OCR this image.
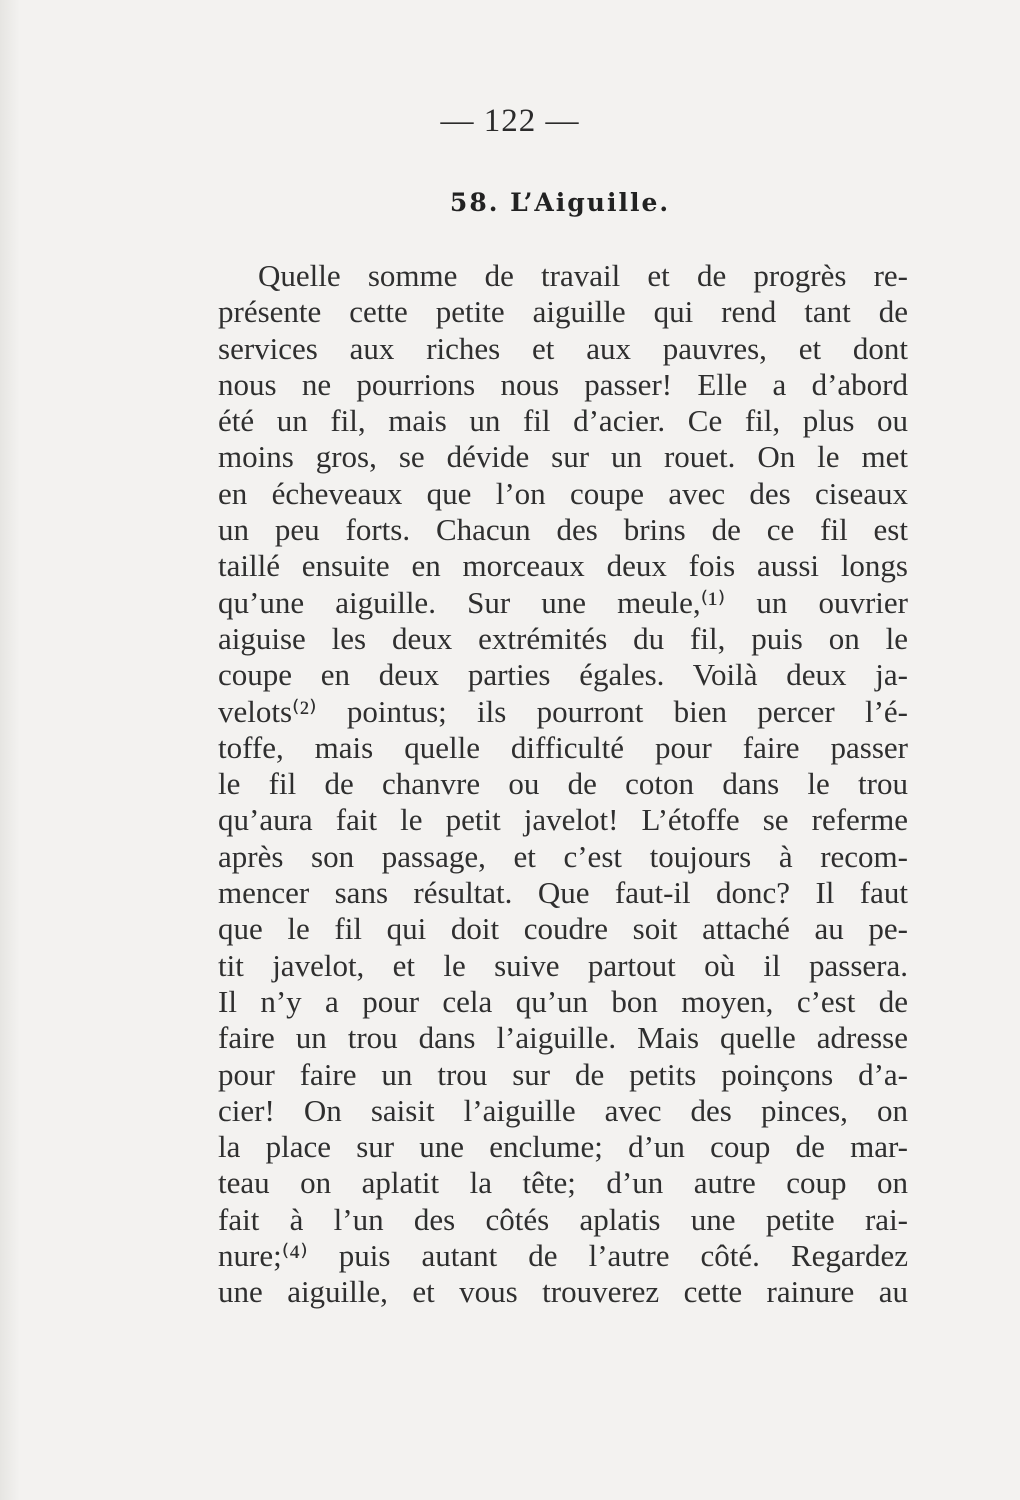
— 122 —
58. L’Aiguille.
Quelle somme de travail et de progrès re-
présente cette petite aiguille qui rend tant de
services aux riches et aux pauvres, et dont
nous ne pourrions nous passer! Elle a d’abord
été un fil, mais un fil d’acier. Ce fil, plus ou
moins gros, se dévide sur un rouet. On le met
en écheveaux que l’on coupe avec des ciseaux
un peu forts. Chacun des brins de ce fil est
taillé ensuite en morceaux deux fois aussi longs
qu’une aiguille. Sur une meule,⁽¹⁾ un ouvrier
aiguise les deux extrémités du fil, puis on le
coupe en deux parties égales. Voilà deux ja-
velots⁽²⁾ pointus; ils pourront bien percer l’é-
toffe, mais quelle difficulté pour faire passer
le fil de chanvre ou de coton dans le trou
qu’aura fait le petit javelot! L’étoffe se referme
après son passage, et c’est toujours à recom-
mencer sans résultat. Que faut-il donc? Il faut
que le fil qui doit coudre soit attaché au pe-
tit javelot, et le suive partout où il passera.
Il n’y a pour cela qu’un bon moyen, c’est de
faire un trou dans l’aiguille. Mais quelle adresse
pour faire un trou sur de petits poinçons d’a-
cier! On saisit l’aiguille avec des pinces, on
la place sur une enclume; d’un coup de mar-
teau on aplatit la tête; d’un autre coup on
fait à l’un des côtés aplatis une petite rai-
nure;⁽⁴⁾ puis autant de l’autre côté. Regardez
une aiguille, et vous trouverez cette rainure au
